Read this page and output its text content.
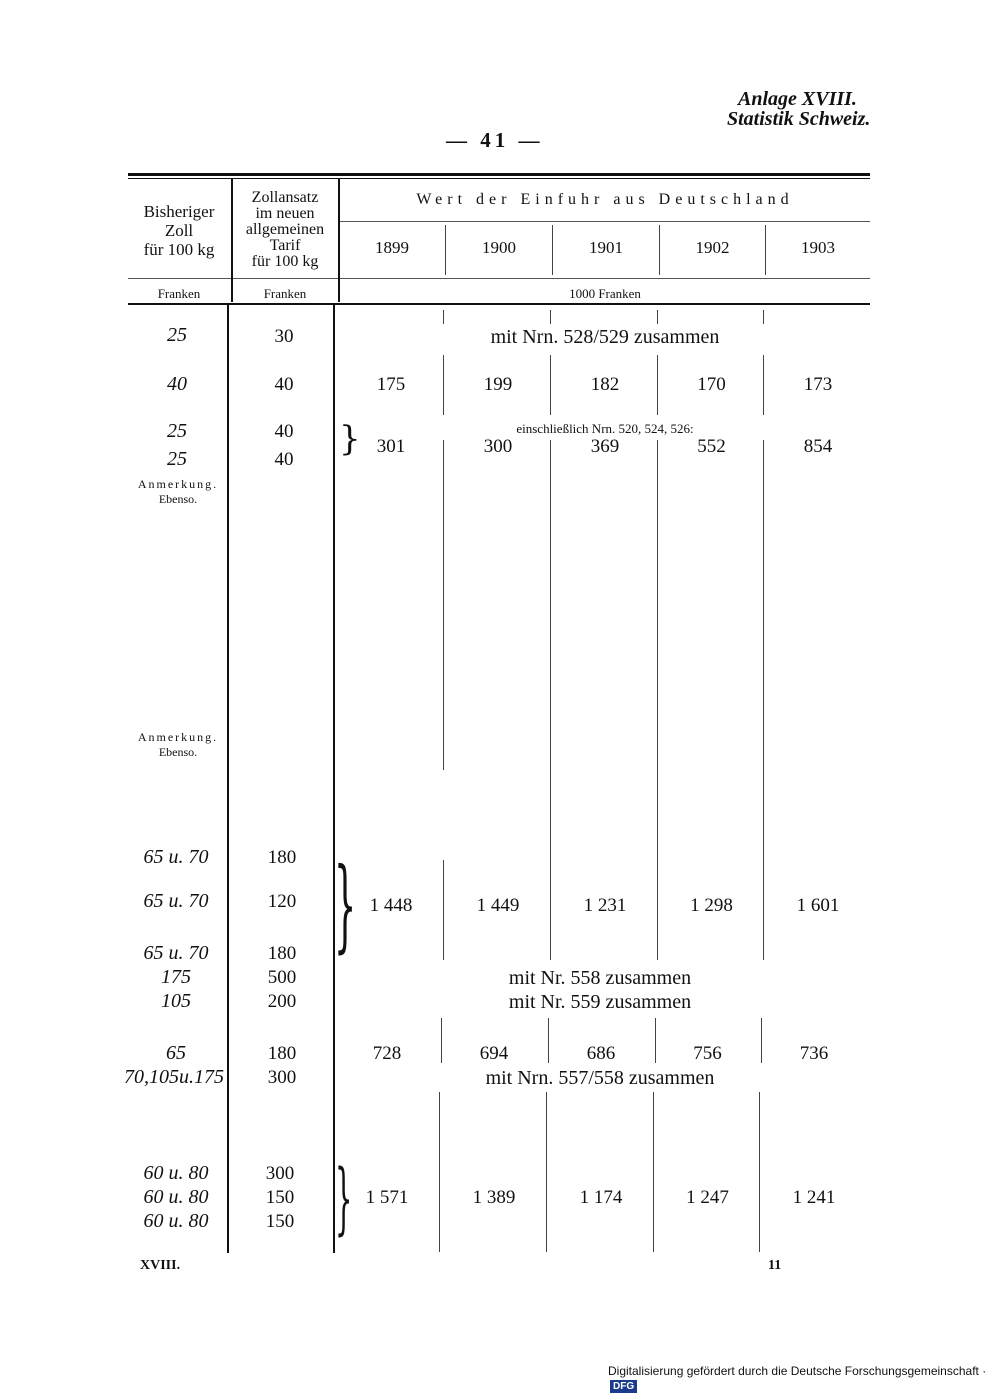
Anlage XVIII.
Statistik Schweiz.
— 41 —
Bisheriger
Zoll
für 100 kg
Zollansatz
im neuen
allgemeinen
Tarif
für 100 kg
Wert der Einfuhr aus Deutschland
1899	1900	1901	1902	1903
Franken	Franken	1000 Franken
25	30	mit Nrn. 528/529 zusammen
40	40	175	199	182	170	173
25	40
25	40
}	einschließlich Nrn. 520, 524, 526:
301	300	369	552	854
Anmerkung.
Ebenso.
Anmerkung.
Ebenso.
65 u. 70	180
65 u. 70	120
65 u. 70	180 } 1 448	1 449	1 231	1 298	1 601
175	500	mit Nr. 558 zusammen
105	200	mit Nr. 559 zusammen
65	180	728	694	686	756	736
70,105u.175	300	mit Nrn. 557/558 zusammen
60 u. 80	300
60 u. 80	150
60 u. 80	150 } 1 571	1 389	1 174	1 247	1 241
XVIII.	11
Digitalisierung gefördert durch die Deutsche Forschungsgemeinschaft · DFG
